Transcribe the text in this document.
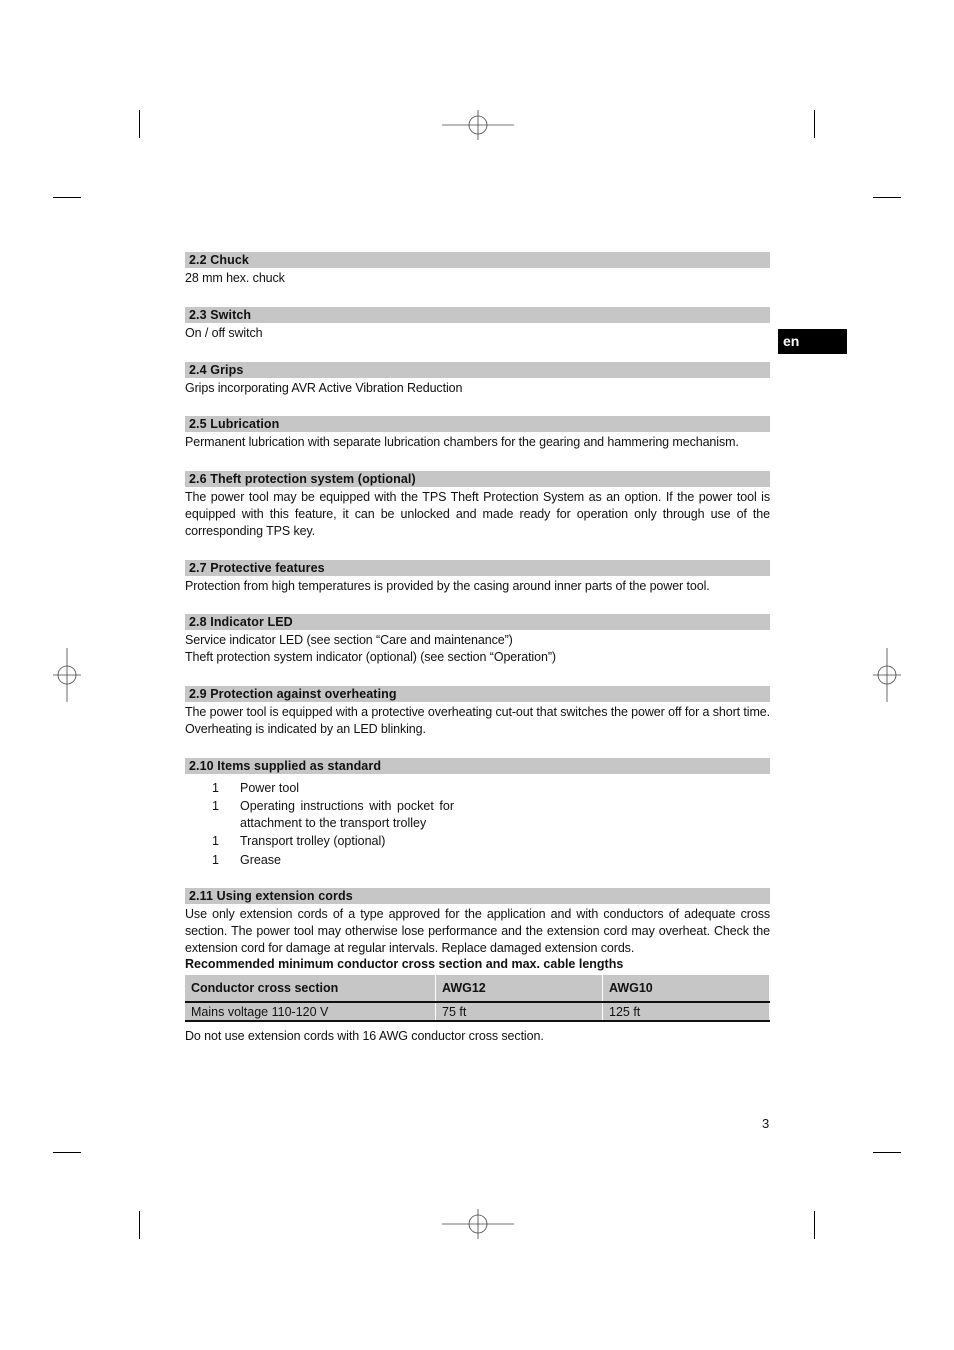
en
2.2 Chuck
28 mm hex. chuck
2.3 Switch
On / off switch
2.4 Grips
Grips incorporating AVR Active Vibration Reduction
2.5 Lubrication
Permanent lubrication with separate lubrication chambers for the gearing and hammering mechanism.
2.6 Theft protection system (optional)
The power tool may be equipped with the TPS Theft Protection System as an option. If the power tool is equipped with this feature, it can be unlocked and made ready for operation only through use of the corresponding TPS key.
2.7 Protective features
Protection from high temperatures is provided by the casing around inner parts of the power tool.
2.8 Indicator LED
Service indicator LED (see section “Care and maintenance”)
Theft protection system indicator (optional) (see section “Operation”)
2.9 Protection against overheating
The power tool is equipped with a protective overheating cut-out that switches the power off for a short time. Overheating is indicated by an LED blinking.
2.10 Items supplied as standard
1	Power tool
1	Operating instructions with pocket for attachment to the transport trolley
1	Transport trolley (optional)
1	Grease
2.11 Using extension cords
Use only extension cords of a type approved for the application and with conductors of adequate cross section. The power tool may otherwise lose performance and the extension cord may overheat. Check the extension cord for damage at regular intervals. Replace damaged extension cords.
Recommended minimum conductor cross section and max. cable lengths
Conductor cross section	AWG12	AWG10
Mains voltage 110-120 V	75 ft	125 ft
Do not use extension cords with 16 AWG conductor cross section.
3
